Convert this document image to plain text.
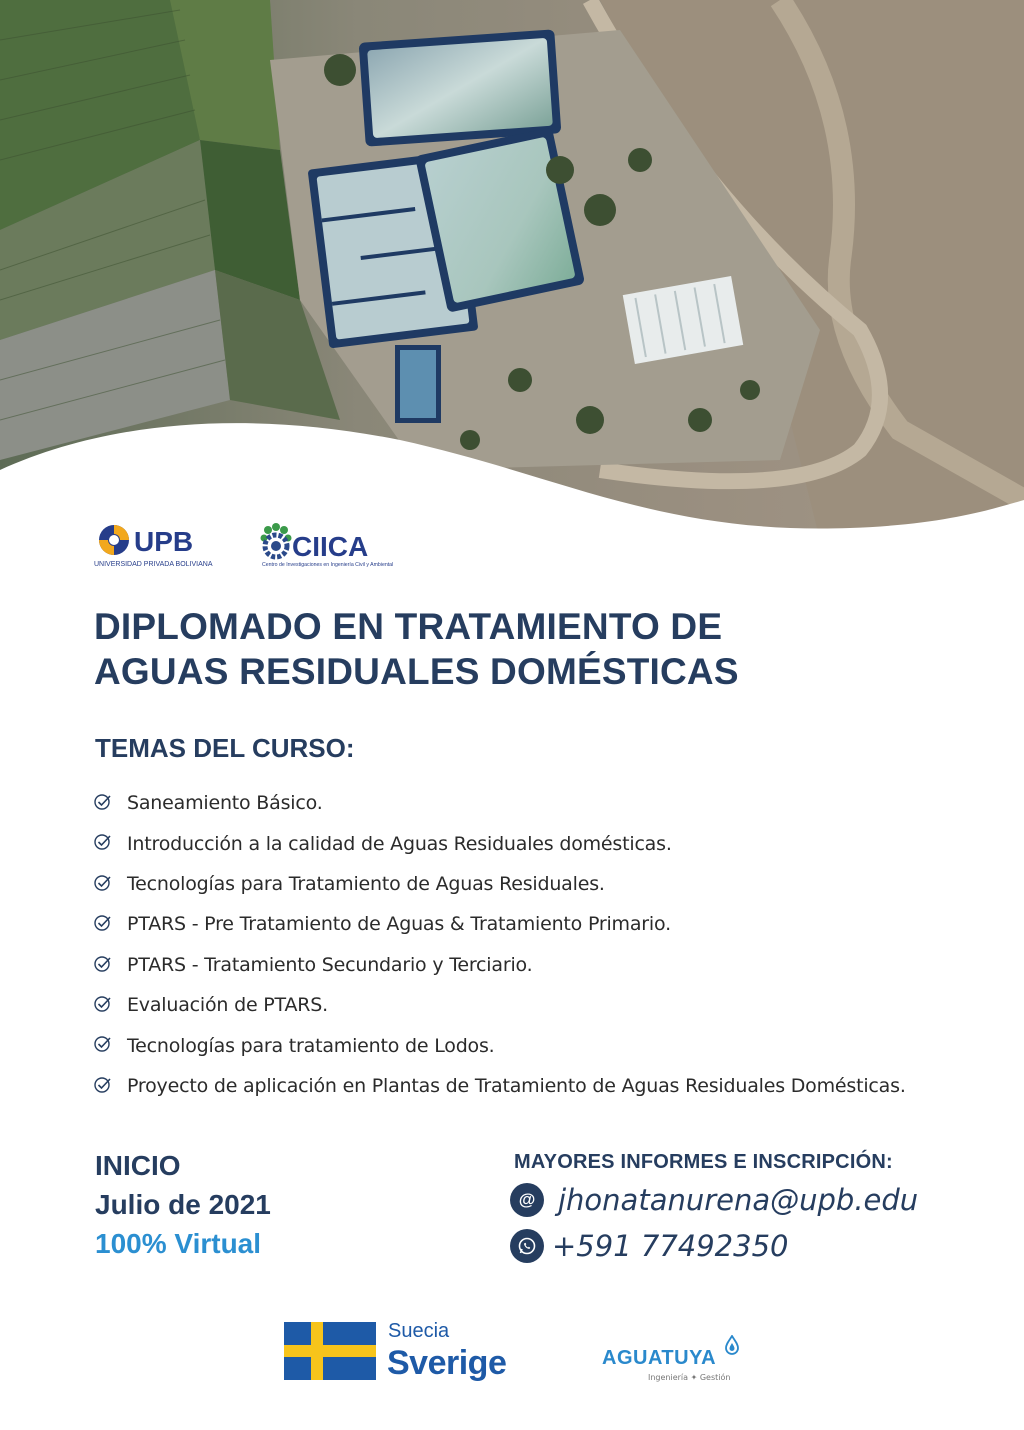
UPB
UNIVERSIDAD PRIVADA BOLIVIANA
CIICA
Centro de Investigaciones en Ingeniería Civil y Ambiental
DIPLOMADO EN TRATAMIENTO DE
AGUAS RESIDUALES DOMÉSTICAS
TEMAS DEL CURSO:
Saneamiento Básico.
Introducción a la calidad de Aguas Residuales domésticas.
Tecnologías para Tratamiento de Aguas Residuales.
PTARS - Pre Tratamiento de Aguas & Tratamiento Primario.
PTARS - Tratamiento Secundario y Terciario.
Evaluación de PTARS.
Tecnologías para tratamiento de Lodos.
Proyecto de aplicación en Plantas de Tratamiento de Aguas Residuales Domésticas.
INICIO
Julio de 2021
100% Virtual
MAYORES INFORMES E INSCRIPCIÓN:
@ jhonatanurena@upb.edu
+591 77492350
Suecia
Sverige	AGUATUYA
Ingeniería ✦ Gestión
